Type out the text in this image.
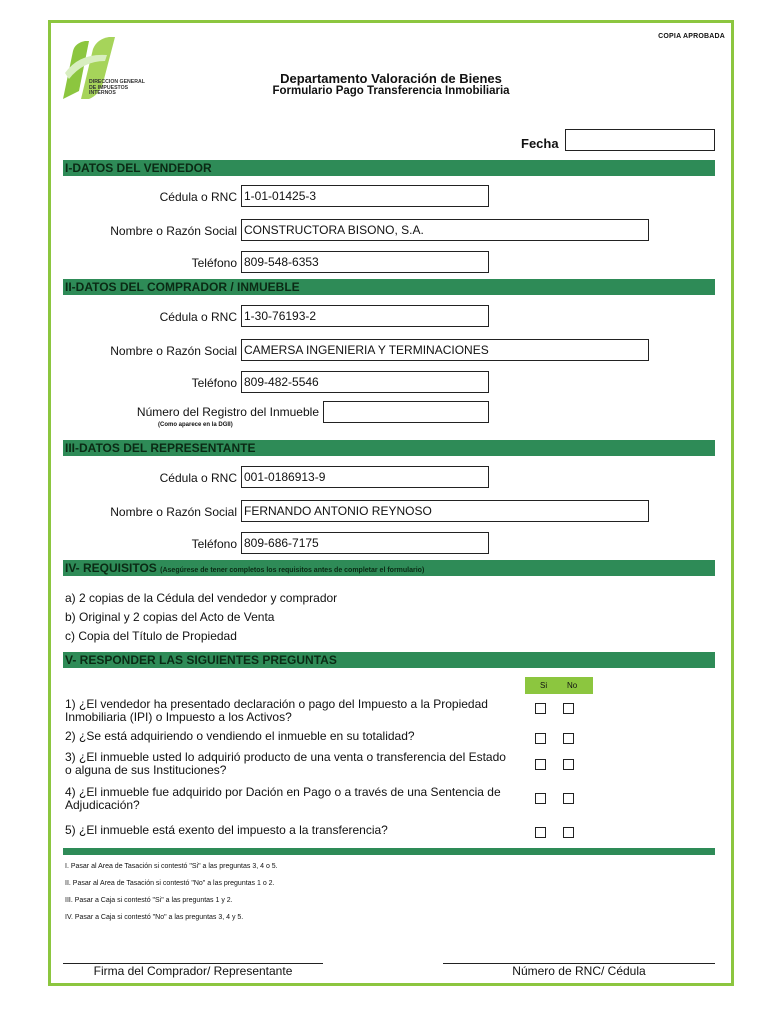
COPIA APROBADA
DIRECCION GENERAL
DE IMPUESTOS
INTERNOS
Departamento Valoración de Bienes
Formulario Pago Transferencia Inmobiliaria
Fecha
I-DATOS DEL VENDEDOR
Cédula o RNC 1-01-01425-3
Nombre o Razón Social CONSTRUCTORA BISONO, S.A.
Teléfono 809-548-6353
II-DATOS DEL COMPRADOR / INMUEBLE
Cédula o RNC 1-30-76193-2
Nombre o Razón Social CAMERSA INGENIERIA Y TERMINACIONES
Teléfono 809-482-5546
Número del Registro del Inmueble
(Como aparece en la DGII)
III-DATOS DEL REPRESENTANTE
Cédula o RNC 001-0186913-9
Nombre o Razón Social FERNANDO ANTONIO REYNOSO
Teléfono 809-686-7175
IV- REQUISITOS (Asegúrese de tener completos los requisitos antes de completar el formulario)
a) 2 copias de la Cédula del vendedor y comprador
b) Original y 2 copias del Acto de Venta
c) Copia del Título de Propiedad
V- RESPONDER LAS SIGUIENTES PREGUNTAS
Si No
1) ¿El vendedor ha presentado declaración o pago del Impuesto a la Propiedad Inmobiliaria (IPI) o Impuesto a los Activos?
2) ¿Se está adquiriendo o vendiendo el inmueble en su totalidad?
3) ¿El inmueble usted lo adquirió producto de una venta o transferencia del Estado o alguna de sus Instituciones?
4) ¿El inmueble fue adquirido por Dación en Pago o a través de una Sentencia de Adjudicación?
5) ¿El inmueble está exento del impuesto a la transferencia?
I. Pasar al Area de Tasación si contestó "Si" a las preguntas 3, 4 o 5.
II. Pasar al Area de Tasación si contestó "No" a las preguntas 1 o 2.
III. Pasar a Caja si contestó "Si" a las preguntas 1 y 2.
IV. Pasar a Caja si contestó "No" a las preguntas 3, 4 y 5.
Firma del Comprador/ Representante	Número de RNC/ Cédula
